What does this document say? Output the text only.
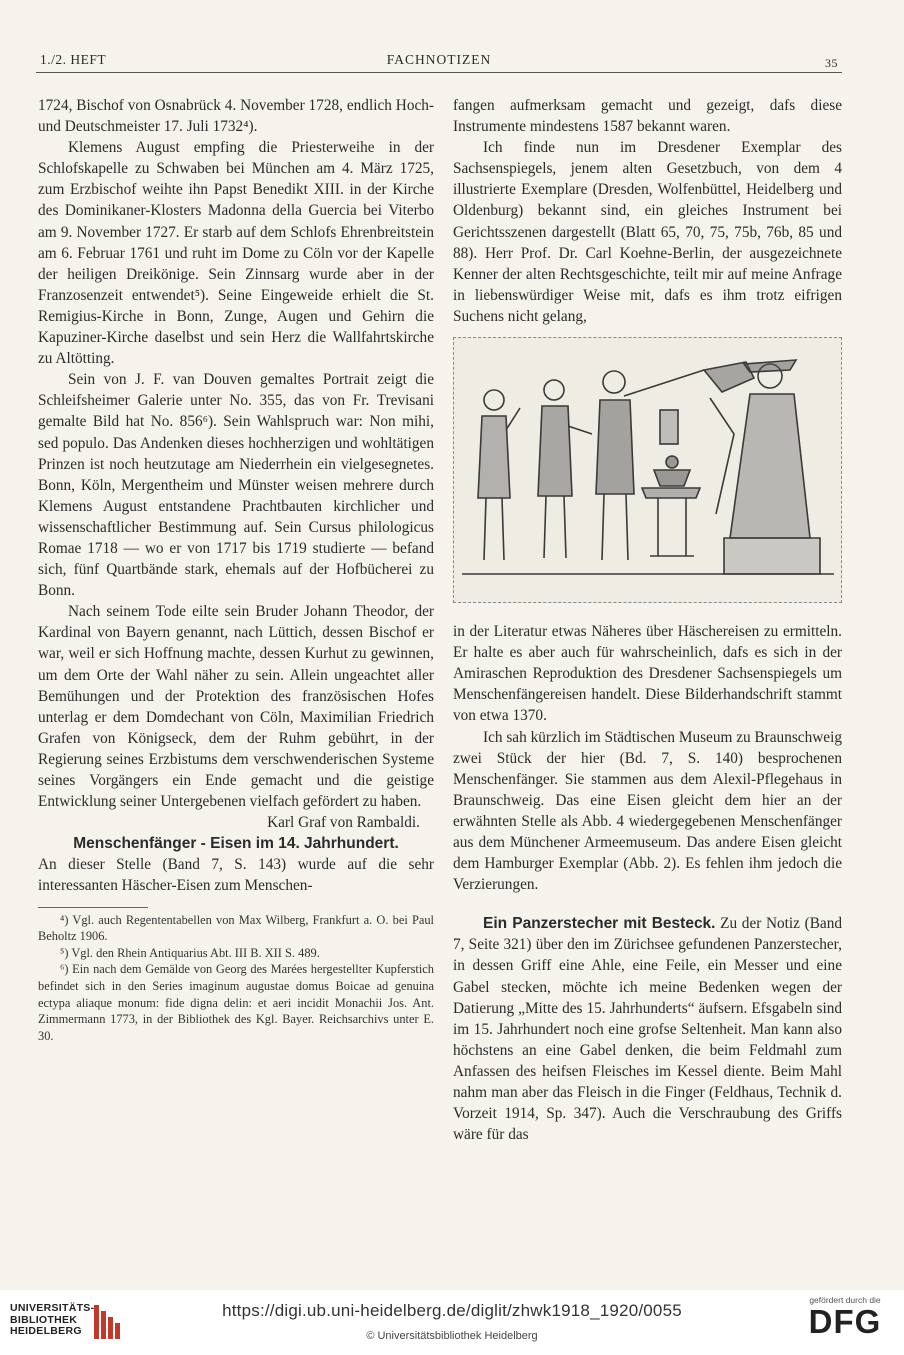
1./2. HEFT	FACHNOTIZEN	35

1724, Bischof von Osnabrück 4. November 1728, endlich Hoch- und Deutschmeister 17. Juli 1732⁴).

Klemens August empfing die Priesterweihe in der Schlofskapelle zu Schwaben bei München am 4. März 1725, zum Erzbischof weihte ihn Papst Benedikt XIII. in der Kirche des Dominikaner-Klosters Madonna della Guercia bei Viterbo am 9. November 1727. Er starb auf dem Schlofs Ehrenbreitstein am 6. Februar 1761 und ruht im Dome zu Cöln vor der Kapelle der heiligen Dreikönige. Sein Zinnsarg wurde aber in der Franzosenzeit entwendet⁵). Seine Eingeweide erhielt die St. Remigius-Kirche in Bonn, Zunge, Augen und Gehirn die Kapuziner-Kirche daselbst und sein Herz die Wallfahrtskirche zu Altötting.

Sein von J. F. van Douven gemaltes Portrait zeigt die Schleifsheimer Galerie unter No. 355, das von Fr. Trevisani gemalte Bild hat No. 856⁶). Sein Wahlspruch war: Non mihi, sed populo. Das Andenken dieses hochherzigen und wohltätigen Prinzen ist noch heutzutage am Niederrhein ein vielgesegnetes. Bonn, Köln, Mergentheim und Münster weisen mehrere durch Klemens August entstandene Prachtbauten kirchlicher und wissenschaftlicher Bestimmung auf. Sein Cursus philologicus Romae 1718 — wo er von 1717 bis 1719 studierte — befand sich, fünf Quartbände stark, ehemals auf der Hofbücherei zu Bonn.

Nach seinem Tode eilte sein Bruder Johann Theodor, der Kardinal von Bayern genannt, nach Lüttich, dessen Bischof er war, weil er sich Hoffnung machte, dessen Kurhut zu gewinnen, um dem Orte der Wahl näher zu sein. Allein ungeachtet aller Bemühungen und der Protektion des französischen Hofes unterlag er dem Domdechant von Cöln, Maximilian Friedrich Grafen von Königseck, dem der Ruhm gebührt, in der Regierung seines Erzbistums dem verschwenderischen Systeme seines Vorgängers ein Ende gemacht und die geistige Entwicklung seiner Untergebenen vielfach gefördert zu haben.

Karl Graf von Rambaldi.

Menschenfänger - Eisen im 14. Jahrhundert.

An dieser Stelle (Band 7, S. 143) wurde auf die sehr interessanten Häscher-Eisen zum Menschen-

⁴) Vgl. auch Regententabellen von Max Wilberg, Frankfurt a. O. bei Paul Beholtz 1906.

⁵) Vgl. den Rhein Antiquarius Abt. III B. XII S. 489.

⁶) Ein nach dem Gemälde von Georg des Marées hergestellter Kupferstich befindet sich in den Series imaginum augustae domus Boicae ad genuina ectypa aliaque monum: fide digna delin: et aeri incidit Monachii Jos. Ant. Zimmermann 1773, in der Bibliothek des Kgl. Bayer. Reichsarchivs unter E. 30.

fangen aufmerksam gemacht und gezeigt, dafs diese Instrumente mindestens 1587 bekannt waren.

Ich finde nun im Dresdener Exemplar des Sachsenspiegels, jenem alten Gesetzbuch, von dem 4 illustrierte Exemplare (Dresden, Wolfenbüttel, Heidelberg und Oldenburg) bekannt sind, ein gleiches Instrument bei Gerichtsszenen dargestellt (Blatt 65, 70, 75, 75b, 76b, 85 und 88). Herr Prof. Dr. Carl Koehne-Berlin, der ausgezeichnete Kenner der alten Rechtsgeschichte, teilt mir auf meine Anfrage in liebenswürdiger Weise mit, dafs es ihm trotz eifrigen Suchens nicht gelang,

in der Literatur etwas Näheres über Häschereisen zu ermitteln. Er halte es aber auch für wahrscheinlich, dafs es sich in der Amiraschen Reproduktion des Dresdener Sachsenspiegels um Menschenfängereisen handelt. Diese Bilderhandschrift stammt von etwa 1370.

Ich sah kürzlich im Städtischen Museum zu Braunschweig zwei Stück der hier (Bd. 7, S. 140) besprochenen Menschenfänger. Sie stammen aus dem Alexil-Pflegehaus in Braunschweig. Das eine Eisen gleicht dem hier an der erwähnten Stelle als Abb. 4 wiedergegebenen Menschenfänger aus dem Münchener Armeemuseum. Das andere Eisen gleicht dem Hamburger Exemplar (Abb. 2). Es fehlen ihm jedoch die Verzierungen.

Ein Panzerstecher mit Besteck. Zu der Notiz (Band 7, Seite 321) über den im Zürichsee gefundenen Panzerstecher, in dessen Griff eine Ahle, eine Feile, ein Messer und eine Gabel stecken, möchte ich meine Bedenken wegen der Datierung „Mitte des 15. Jahrhunderts“ äufsern. Efsgabeln sind im 15. Jahrhundert noch eine grofse Seltenheit. Man kann also höchstens an eine Gabel denken, die beim Feldmahl zum Anfassen des heifsen Fleisches im Kessel diente. Beim Mahl nahm man aber das Fleisch in die Finger (Feldhaus, Technik d. Vorzeit 1914, Sp. 347). Auch die Verschraubung des Griffs wäre für das

UNIVERSITÄTS-
BIBLIOTHEK
HEIDELBERG
https://digi.ub.uni-heidelberg.de/diglit/zhwk1918_1920/0055
© Universitätsbibliothek Heidelberg
gefördert durch die
DFG
